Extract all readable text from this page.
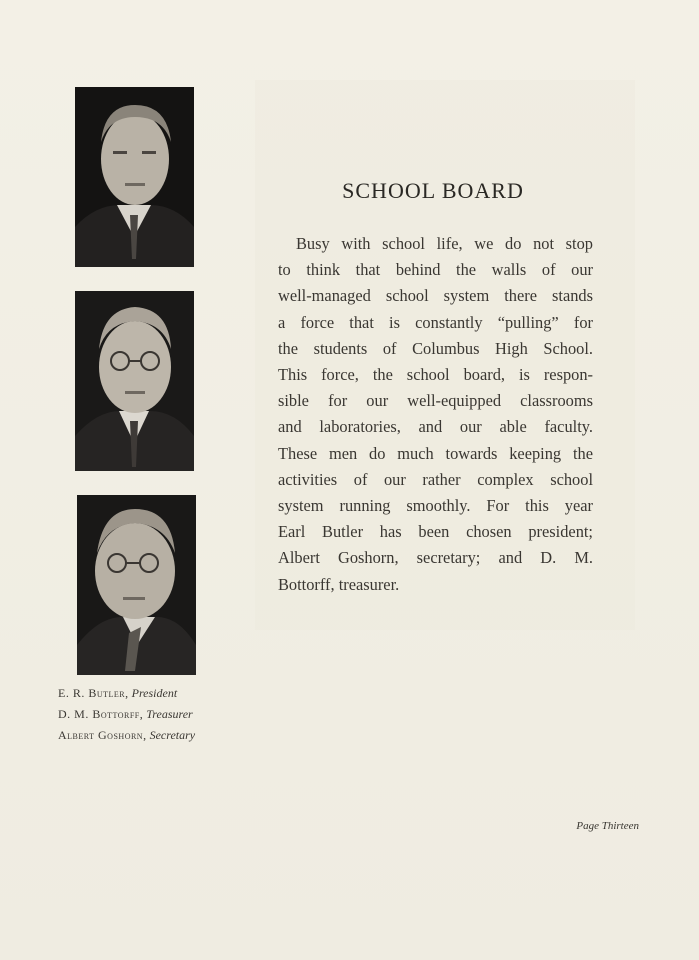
SCHOOL BOARD
Busy with school life, we do not stop
to think that behind the walls of our
well-managed school system there stands
a force that is constantly “pulling” for
the students of Columbus High School.
This force, the school board, is respon-
sible for our well-equipped classrooms
and laboratories, and our able faculty.
These men do much towards keeping the
activities of our rather complex school
system running smoothly. For this year
Earl Butler has been chosen president;
Albert Goshorn, secretary; and D. M.
Bottorff, treasurer.
E. R. Butler, President
D. M. Bottorff, Treasurer
Albert Goshorn, Secretary
Page Thirteen
